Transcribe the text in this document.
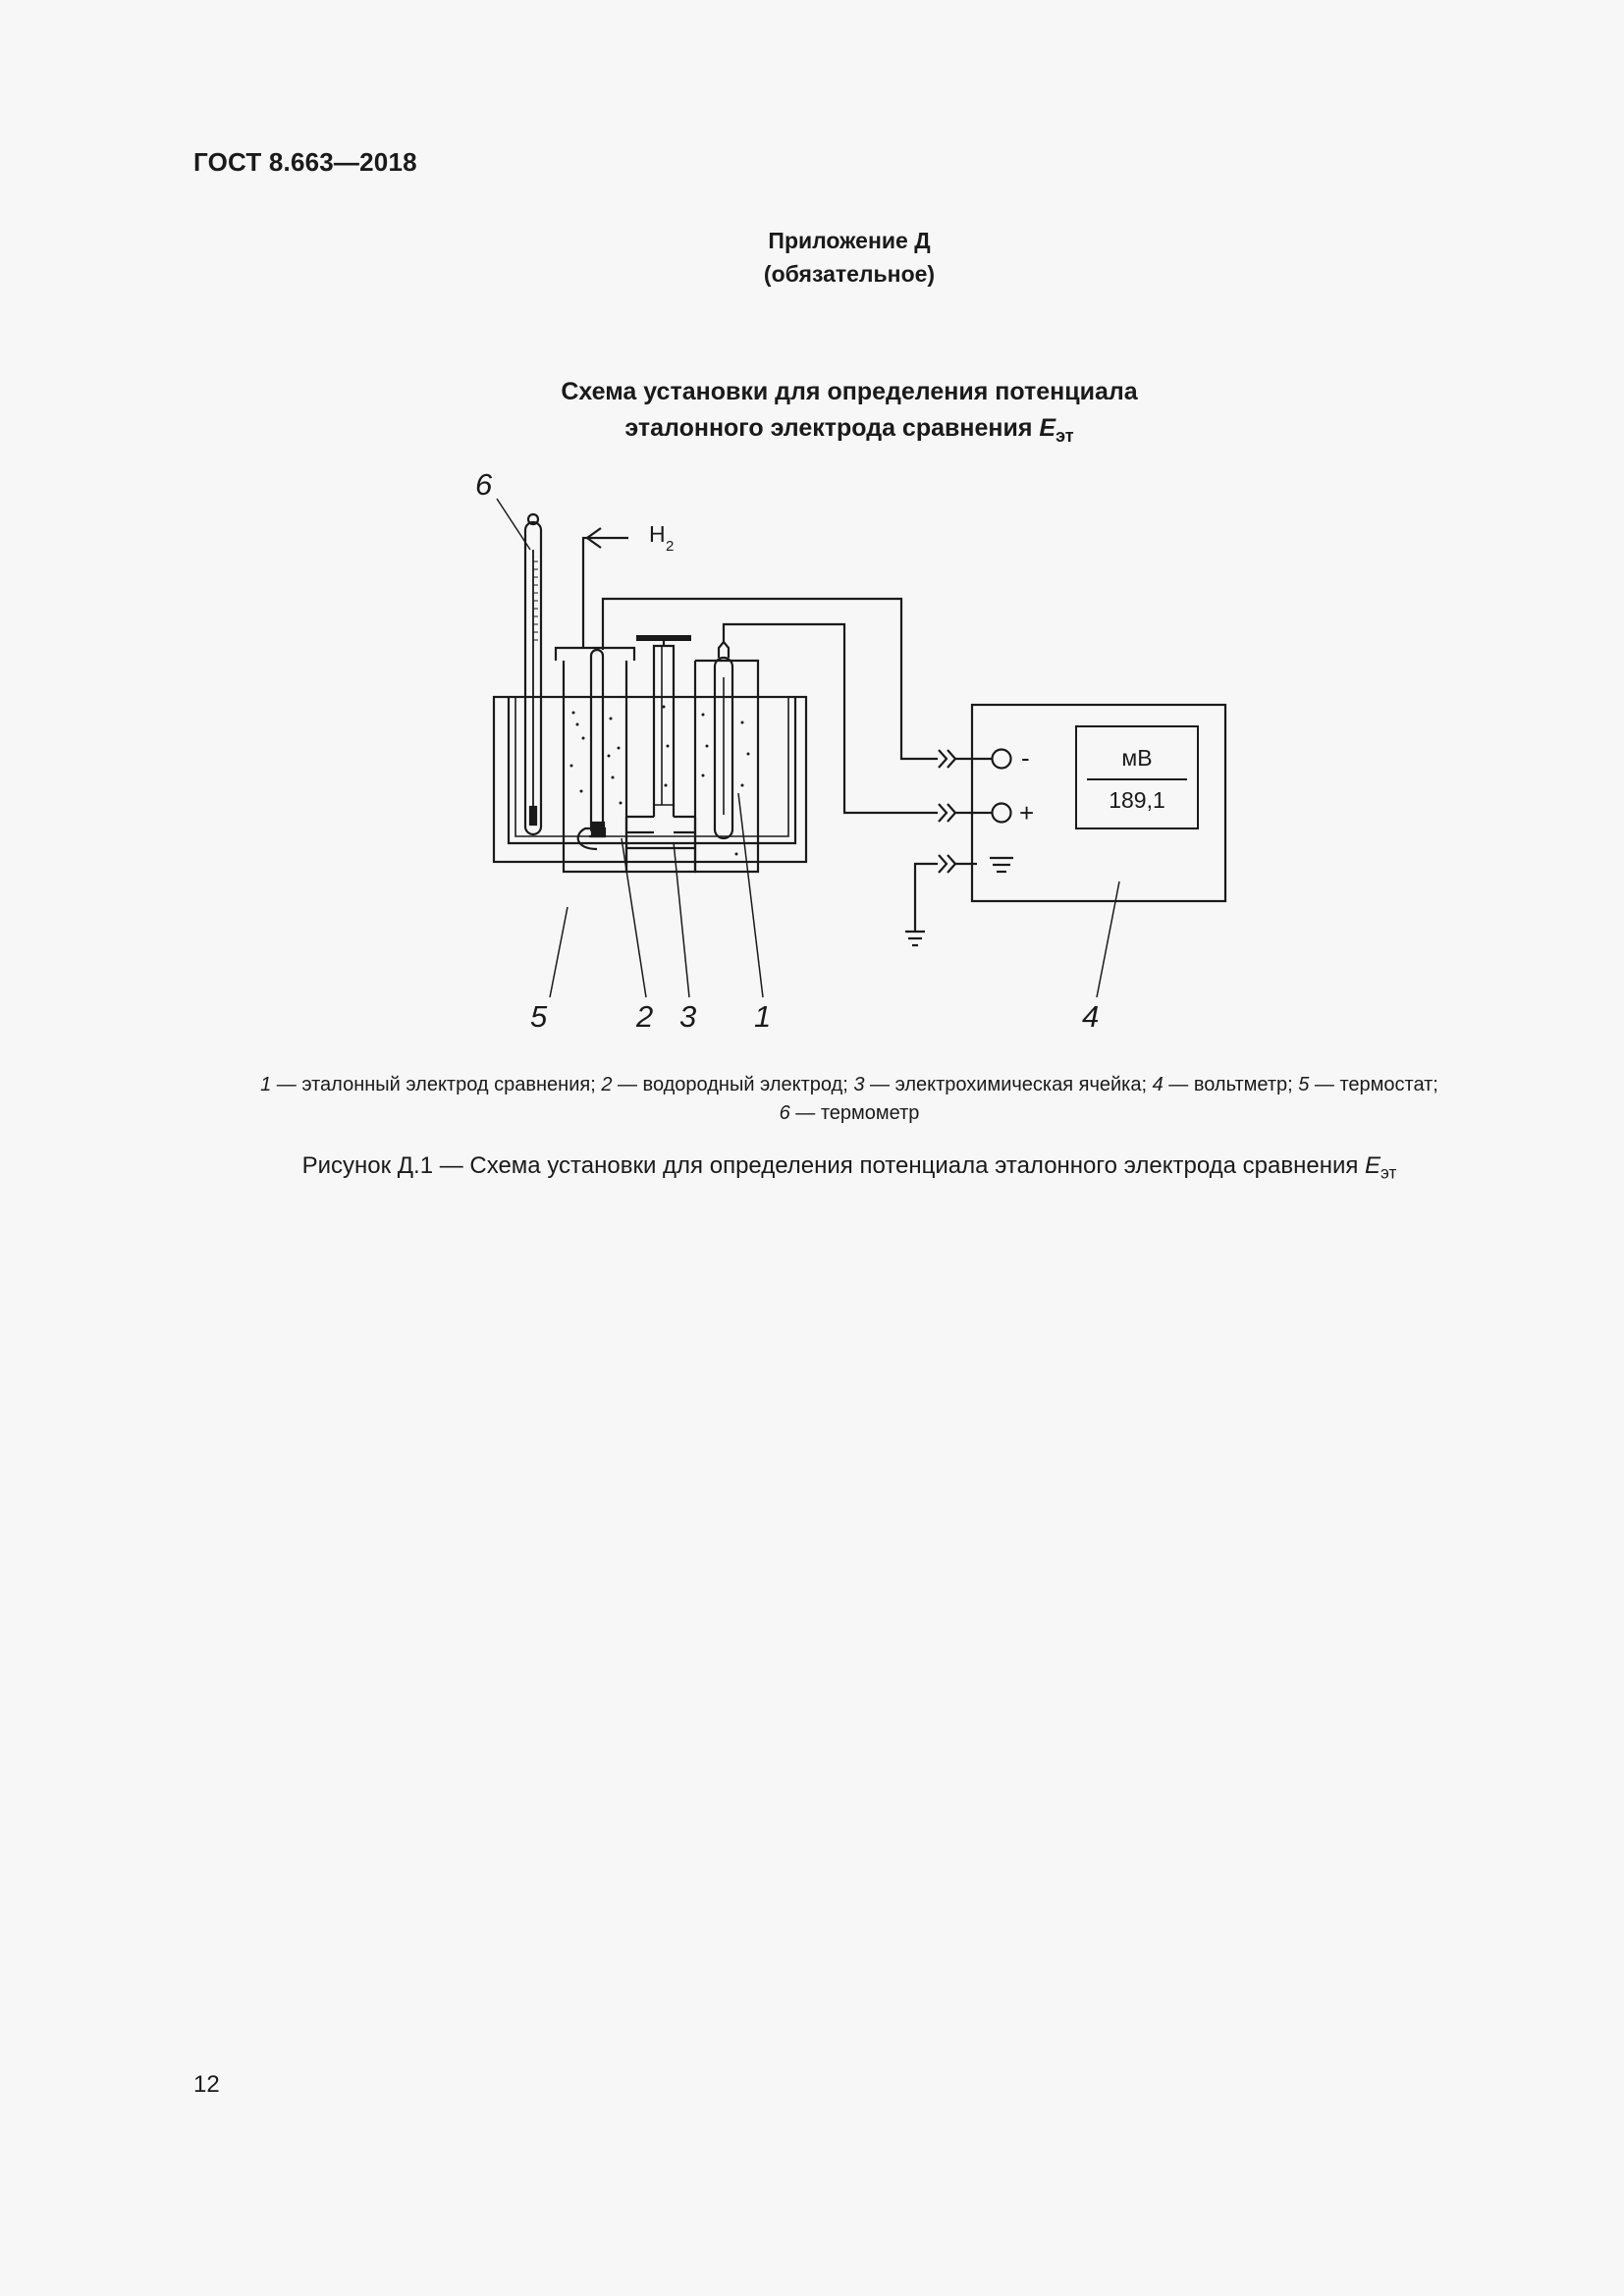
ГОСТ 8.663—2018
Приложение Д
(обязательное)
Схема установки для определения потенциала
эталонного электрода сравнения $E_{эт}$
H 2
мВ
189,1
-
+
6
5	2 3 1	4
1 — эталонный электрод сравнения; 2 — водородный электрод; 3 — электрохимическая ячейка; 4 — вольтметр; 5 — термостат;
6 — термометр
Рисунок Д.1 — Схема установки для определения потенциала эталонного электрода сравнения $E_{эт}$
12
